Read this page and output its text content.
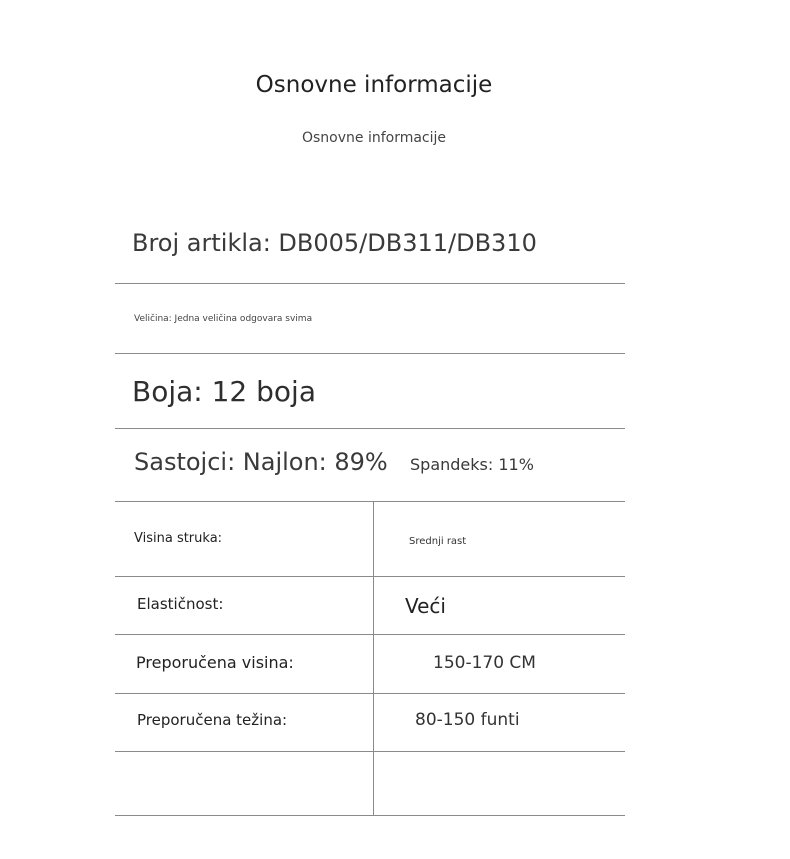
Osnovne informacije
Osnovne informacije
Broj artikla: DB005/DB311/DB310
Veličina: Jedna veličina odgovara svima
Boja: 12 boja
Sastojci: Najlon: 89% Spandeks: 11%
Visina struka:	Srednji rast
Elastičnost:	Veći
Preporučena visina:	150-170 CM
Preporučena težina:	80-150 funti
